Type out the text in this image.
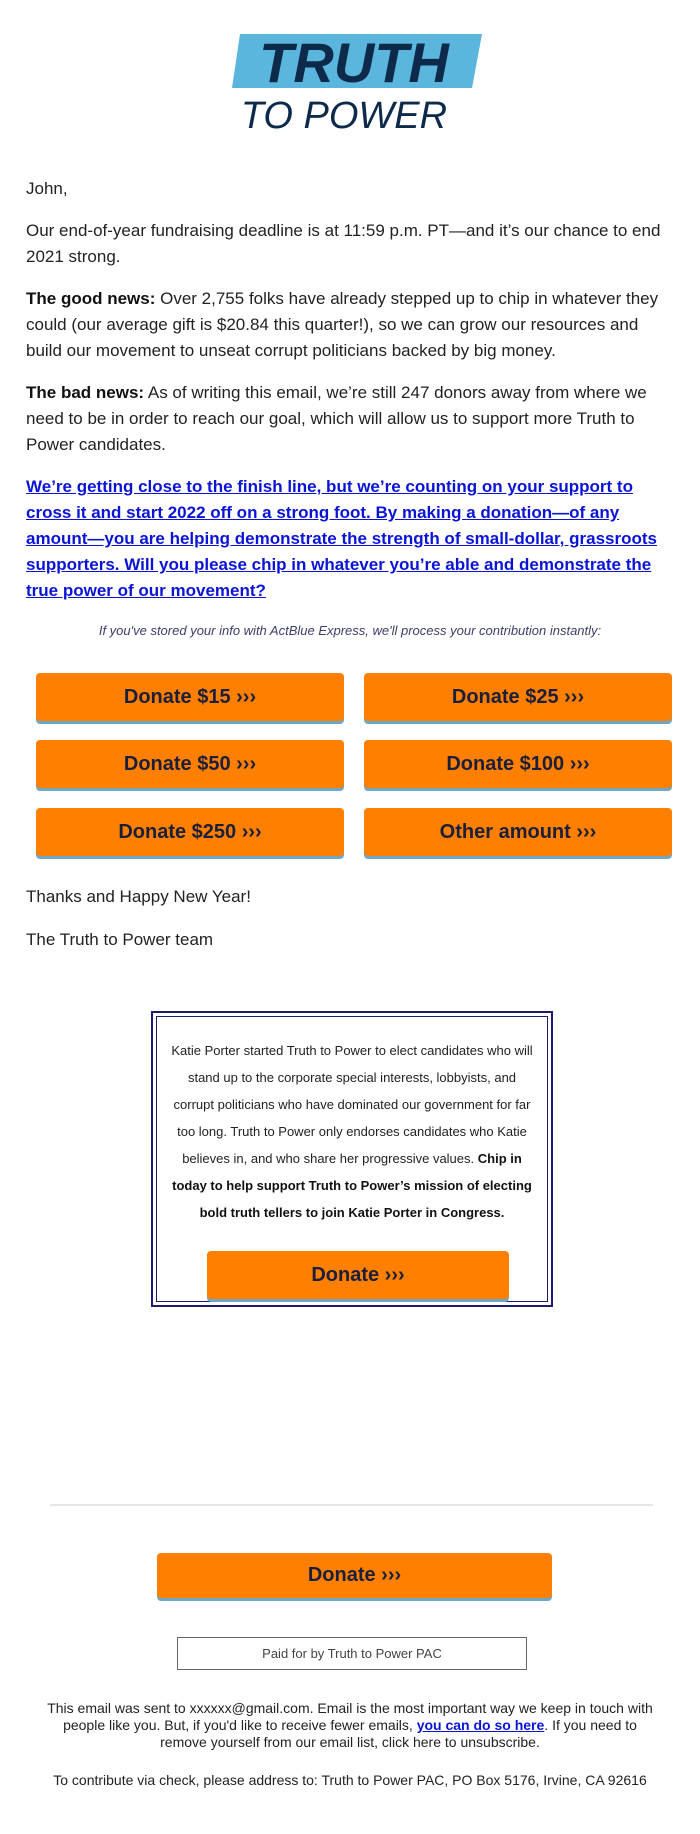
TRUTH
TO POWER

John,

Our end-of-year fundraising deadline is at 11:59 p.m. PT—and it’s our chance to end 2021 strong.

The good news: Over 2,755 folks have already stepped up to chip in whatever they could (our average gift is $20.84 this quarter!), so we can grow our resources and build our movement to unseat corrupt politicians backed by big money.

The bad news: As of writing this email, we’re still 247 donors away from where we need to be in order to reach our goal, which will allow us to support more Truth to Power candidates.

We’re getting close to the finish line, but we’re counting on your support to cross it and start 2022 off on a strong foot. By making a donation—of any amount—you are helping demonstrate the strength of small-dollar, grassroots supporters. Will you please chip in whatever you’re able and demonstrate the true power of our movement?
If you've stored your info with ActBlue Express, we'll process your contribution instantly:
Donate $15 ›››	Donate $25 ›››
Donate $50 ›››	Donate $100 ›››
Donate $250 ›››	Other amount ›››

Thanks and Happy New Year!

The Truth to Power team

Katie Porter started Truth to Power to elect candidates who will stand up to the corporate special interests, lobbyists, and corrupt politicians who have dominated our government for far too long. Truth to Power only endorses candidates who Katie believes in, and who share her progressive values. Chip in today to help support Truth to Power’s mission of electing bold truth tellers to join Katie Porter in Congress.
Donate ›››
Donate ›››
Paid for by Truth to Power PAC
This email was sent to xxxxxx@gmail.com. Email is the most important way we keep in touch with people like you. But, if you'd like to receive fewer emails, you can do so here. If you need to remove yourself from our email list, click here to unsubscribe.
To contribute via check, please address to: Truth to Power PAC, PO Box 5176, Irvine, CA 92616
